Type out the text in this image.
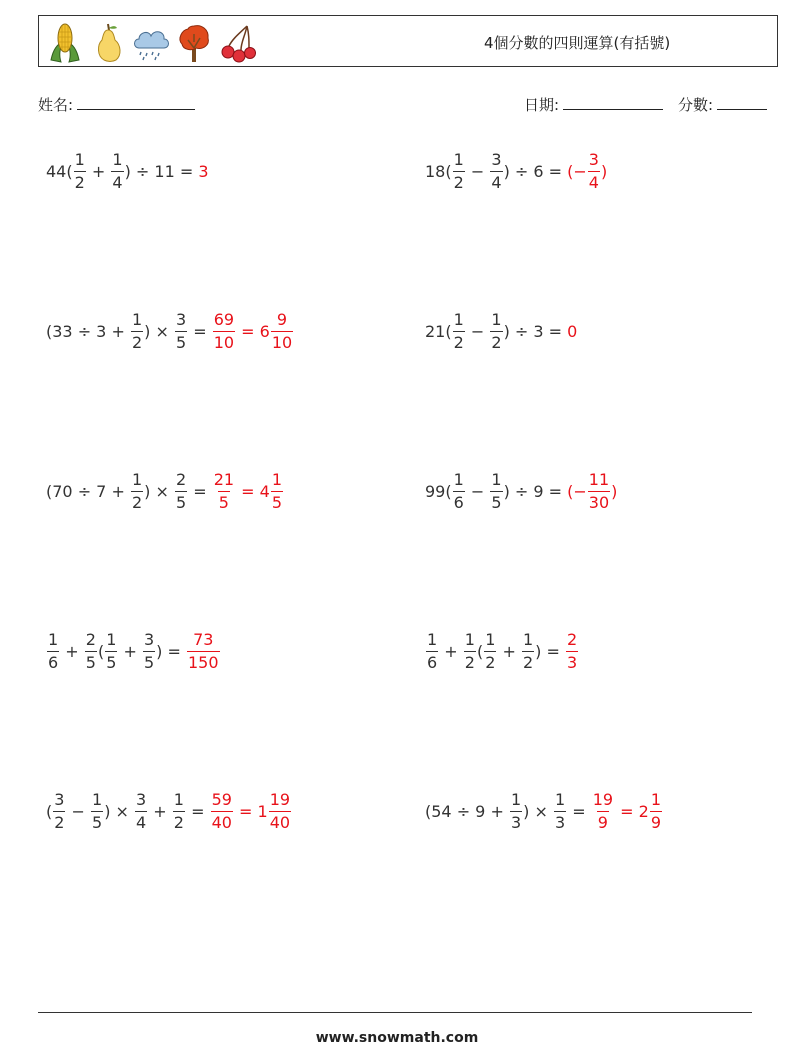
4個分數的四則運算(有括號)
姓名:	日期:	分數:
$44( \frac{1}{2} + \frac{1}{4}$ ) ÷ 11 = 3	$18( \frac{1}{2} - \frac{3}{4}$ ) ÷ 6 = (− $\frac{3}{4}$ )
($33 \div 3 + \frac{1}{2}$ ) × $\frac{3}{5} = \frac{69}{10} = 6 \frac{9}{10}$	$21( \frac{1}{2} - \frac{1}{2}$ ) ÷ 3 = 0
($70 \div 7 + \frac{1}{2}$ ) × $\frac{2}{5} = \frac{21}{5} = 4 \frac{1}{5}$	$99( \frac{1}{6} - \frac{1}{5}$ ) ÷ 9 = (− $\frac{11}{30}$ )
$\frac{1}{6} + \frac{2}{5}$ ( $\frac{1}{5} + \frac{3}{5}$ ) = $\frac{73}{150}$	$\frac{1}{6} + \frac{1}{2}$ ( $\frac{1}{2} + \frac{1}{2}$ ) = $\frac{2}{3}$
( $\frac{3}{2} - \frac{1}{5}$ ) × $\frac{3}{4} + \frac{1}{2} = \frac{59}{40} = 1 \frac{19}{40}$	($54 \div 9 + \frac{1}{3}$ ) × $\frac{1}{3} = \frac{19}{9} = 2 \frac{1}{9}$
www.snowmath.com
